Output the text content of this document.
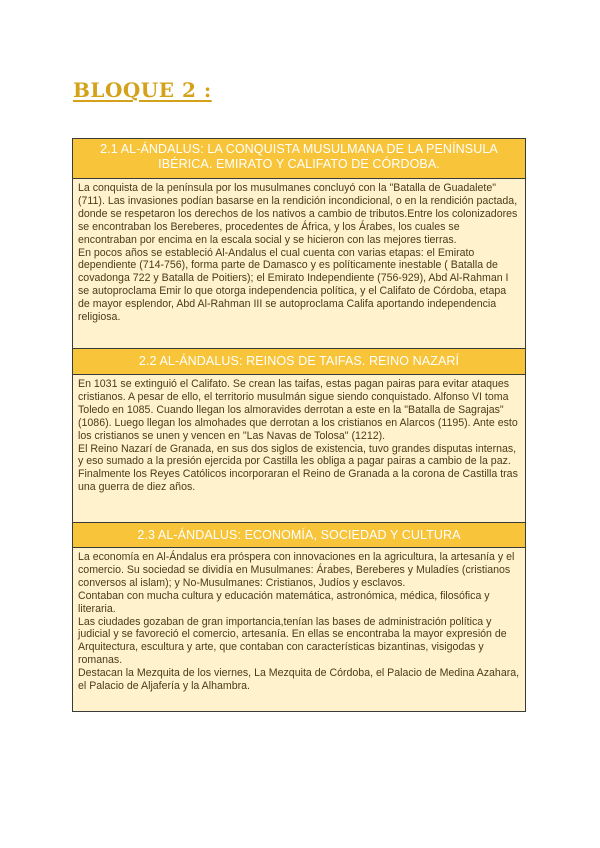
BLOQUE 2 :
2.1 AL-ÁNDALUS: LA CONQUISTA MUSULMANA DE LA PENÍNSULA IBÉRICA. EMIRATO Y CALIFATO DE CÓRDOBA.

La conquista de la península por los musulmanes concluyó con la "Batalla de Guadalete" (711). Las invasiones podían basarse en la rendición incondicional, o en la rendición pactada, donde se respetaron los derechos de los nativos a cambio de tributos.Entre los colonizadores se encontraban los Bereberes, procedentes de África, y los Árabes, los cuales se encontraban por encima en la escala social y se hicieron con las mejores tierras.

En pocos años se estableció Al-Andalus el cual cuenta con varias etapas: el Emirato dependiente (714-756), forma parte de Damasco y es políticamente inestable ( Batalla de covadonga 722 y Batalla de Poitiers); el Emirato Independiente (756-929), Abd Al-Rahman I se autoproclama Emir lo que otorga independencia política, y el Califato de Córdoba, etapa de mayor esplendor, Abd Al-Rahman III se autoproclama Califa aportando independencia religiosa.

2.2 AL-ÁNDALUS: REINOS DE TAIFAS. REINO NAZARÍ

En 1031 se extinguió el Califato. Se crean las taifas, estas pagan pairas para evitar ataques cristianos. A pesar de ello, el territorio musulmán sigue siendo conquistado. Alfonso VI toma Toledo en 1085. Cuando llegan los almoravides derrotan a este en la "Batalla de Sagrajas" (1086). Luego llegan los almohades que derrotan a los cristianos en Alarcos (1195). Ante esto los cristianos se unen y vencen en "Las Navas de Tolosa" (1212).

El Reino Nazarí de Granada, en sus dos siglos de existencia, tuvo grandes disputas internas, y eso sumado a la presión ejercida por Castilla les obliga a pagar pairas a cambio de la paz. Finalmente los Reyes Católicos incorporaran el Reino de Granada a la corona de Castilla tras una guerra de diez años.

2.3 AL-ÁNDALUS: ECONOMÍA, SOCIEDAD Y CULTURA

La economía en Al-Ándalus era próspera con innovaciones en la agricultura, la artesanía y el comercio. Su sociedad se dividía en Musulmanes: Árabes, Bereberes y Muladíes (cristianos conversos al islam); y No-Musulmanes: Cristianos, Judíos y esclavos.

Contaban con mucha cultura y educación matemática, astronómica, médica, filosófica y literaria.

Las ciudades gozaban de gran importancia,tenían las bases de administración política y judicial y se favoreció el comercio, artesanía. En ellas se encontraba la mayor expresión de Arquitectura, escultura y arte, que contaban con características bizantinas, visigodas y romanas.

Destacan la Mezquita de los viernes, La Mezquita de Córdoba, el Palacio de Medina Azahara, el Palacio de Aljafería y la Alhambra.
